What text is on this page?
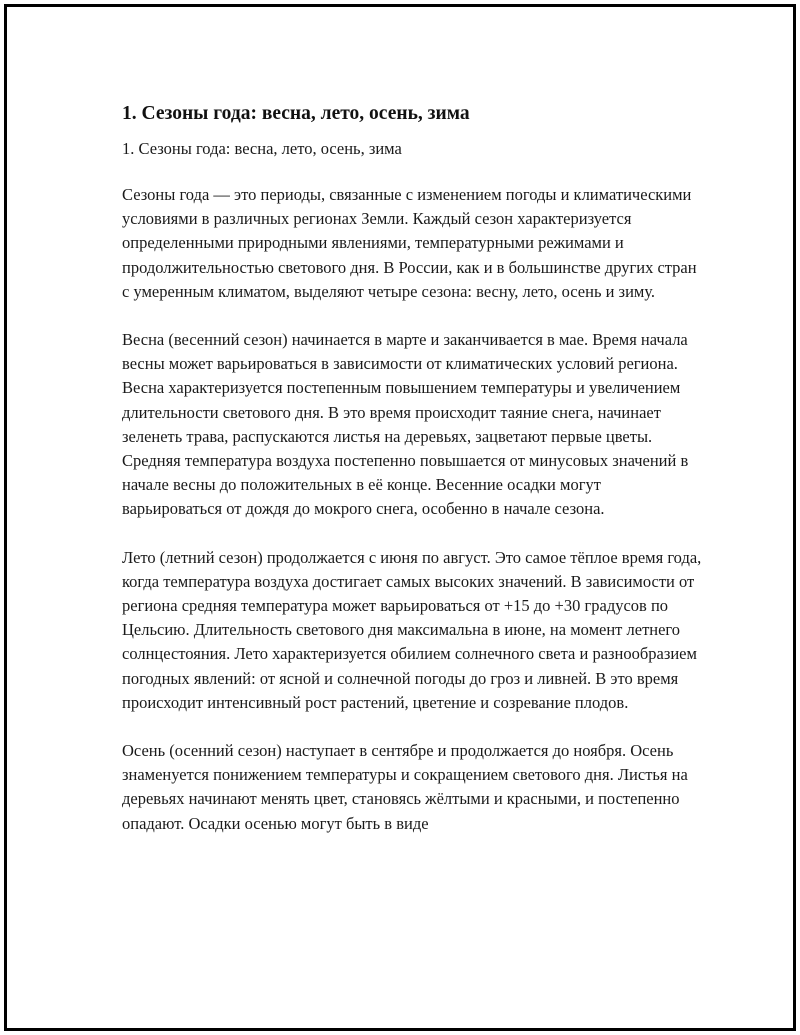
1. Сезоны года: весна, лето, осень, зима
1. Сезоны года: весна, лето, осень, зима

Сезоны года — это периоды, связанные с изменением погоды и климатическими условиями в различных регионах Земли. Каждый сезон характеризуется определенными природными явлениями, температурными режимами и продолжительностью светового дня. В России, как и в большинстве других стран с умеренным климатом, выделяют четыре сезона: весну, лето, осень и зиму.

Весна (весенний сезон) начинается в марте и заканчивается в мае. Время начала весны может варьироваться в зависимости от климатических условий региона. Весна характеризуется постепенным повышением температуры и увеличением длительности светового дня. В это время происходит таяние снега, начинает зеленеть трава, распускаются листья на деревьях, зацветают первые цветы. Средняя температура воздуха постепенно повышается от минусовых значений в начале весны до положительных в её конце. Весенние осадки могут варьироваться от дождя до мокрого снега, особенно в начале сезона.

Лето (летний сезон) продолжается с июня по август. Это самое тёплое время года, когда температура воздуха достигает самых высоких значений. В зависимости от региона средняя температура может варьироваться от +15 до +30 градусов по Цельсию. Длительность светового дня максимальна в июне, на момент летнего солнцестояния. Лето характеризуется обилием солнечного света и разнообразием погодных явлений: от ясной и солнечной погоды до гроз и ливней. В это время происходит интенсивный рост растений, цветение и созревание плодов.

Осень (осенний сезон) наступает в сентябре и продолжается до ноября. Осень знаменуется понижением температуры и сокращением светового дня. Листья на деревьях начинают менять цвет, становясь жёлтыми и красными, и постепенно опадают. Осадки осенью могут быть в виде
